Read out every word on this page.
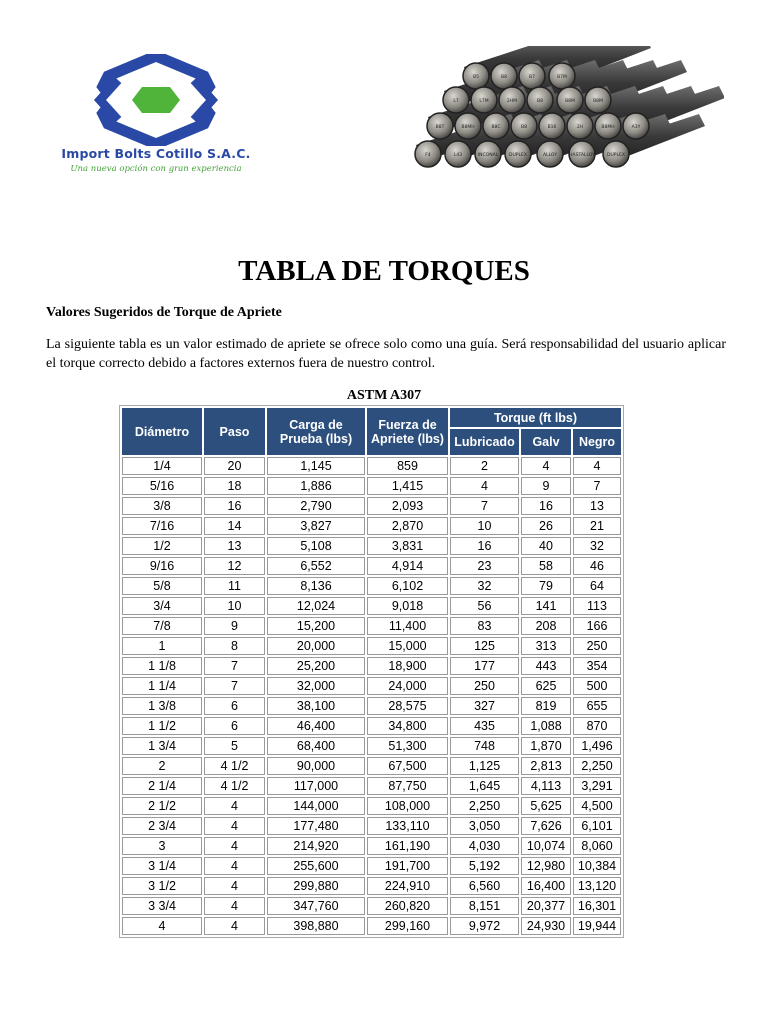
Import Bolts Cotillo S.A.C.
Una nueva opción con gran experiencia
B5	B8	B7	B7M
L7	L7M	2HM	B8	B8M	B8M
B8T	B8MH	B8C	B8	B16	2H	B8MH	A3Y
F4	L43	INCONAL DUPLEX	ALLOY	HASTALLOY	DUPLEX
TABLA DE TORQUES

Valores Sugeridos de Torque de Apriete

La siguiente tabla es un valor estimado de apriete se ofrece solo como una guía. Será responsabilidad del usuario aplicar el torque correcto debido a factores externos fuera de nuestro control.

ASTM A307

Diámetro	Paso	Carga de Prueba (lbs)	Fuerza de Apriete (lbs)	Torque (ft lbs)		
				Lubricado	Galv	Negro
1/4	20	1,145	859	2	4	4
5/16	18	1,886	1,415	4	9	7
3/8	16	2,790	2,093	7	16	13
7/16	14	3,827	2,870	10	26	21
1/2	13	5,108	3,831	16	40	32
9/16	12	6,552	4,914	23	58	46
5/8	11	8,136	6,102	32	79	64
3/4	10	12,024	9,018	56	141	113
7/8	9	15,200	11,400	83	208	166
1	8	20,000	15,000	125	313	250
1 1/8	7	25,200	18,900	177	443	354
1 1/4	7	32,000	24,000	250	625	500
1 3/8	6	38,100	28,575	327	819	655
1 1/2	6	46,400	34,800	435	1,088	870
1 3/4	5	68,400	51,300	748	1,870	1,496
2	4 1/2	90,000	67,500	1,125	2,813	2,250
2 1/4	4 1/2	117,000	87,750	1,645	4,113	3,291
2 1/2	4	144,000	108,000	2,250	5,625	4,500
2 3/4	4	177,480	133,110	3,050	7,626	6,101
3	4	214,920	161,190	4,030	10,074	8,060
3 1/4	4	255,600	191,700	5,192	12,980	10,384
3 1/2	4	299,880	224,910	6,560	16,400	13,120
3 3/4	4	347,760	260,820	8,151	20,377	16,301
4	4	398,880	299,160	9,972	24,930	19,944
